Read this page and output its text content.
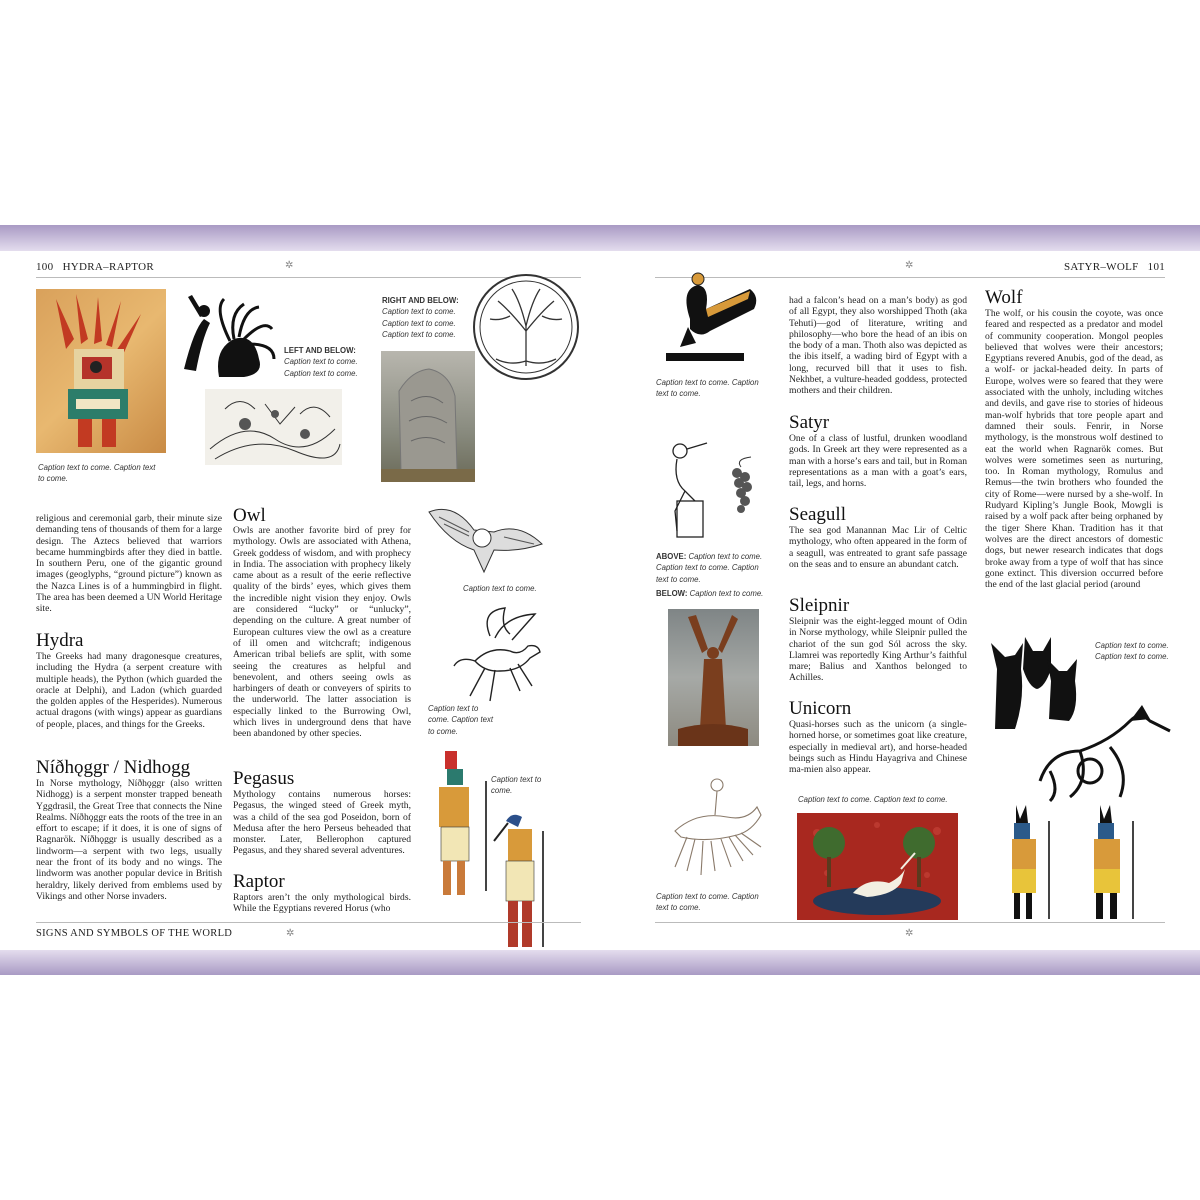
100 HYDRA–RAPTOR	✲
Caption text to come. Caption text to come.
LEFT AND BELOW: Caption text to come. Caption text to come.
RIGHT AND BELOW: Caption text to come. Caption text to come. Caption text to come.
religious and ceremonial garb, their minute size demanding tens of thousands of them for a large design. The Aztecs believed that warriors became hummingbirds after they died in battle. In southern Peru, one of the gigantic ground images (geoglyphs, “ground picture”) known as the Nazca Lines is of a hummingbird in flight. The area has been deemed a UN World Heritage site.
Hydra
The Greeks had many dragonesque creatures, including the Hydra (a serpent creature with multiple heads), the Python (which guarded the oracle at Delphi), and Ladon (which guarded the golden apples of the Hesperides). Numerous actual dragons (with wings) appear as guardians of people, places, and things for the Greeks.
Níðhǫggr / Nidhogg
In Norse mythology, Níðhǫggr (also written Nidhogg) is a serpent monster trapped beneath Yggdrasil, the Great Tree that connects the Nine Realms. Níðhǫggr eats the roots of the tree in an effort to escape; if it does, it is one of signs of Ragnarök. Níðhǫggr is usually described as a lindworm—a serpent with two legs, usually near the front of its body and no wings. The lindworm was another popular device in British heraldry, likely derived from emblems used by Vikings and other Norse invaders.
Owl
Owls are another favorite bird of prey for mythology. Owls are associated with Athena, Greek goddess of wisdom, and with prophecy in India. The association with prophecy likely came about as a result of the eerie reflective quality of the birds’ eyes, which gives them the incredible night vision they enjoy. Owls are considered “lucky” or “unlucky”, depending on the culture. A great number of European cultures view the owl as a creature of ill omen and witchcraft; indigenous American tribal beliefs are split, with some seeing the creatures as helpful and benevolent, and others seeing owls as harbingers of death or conveyers of spirits to the underworld. The latter association is especially linked to the Burrowing Owl, which lives in underground dens that have been abandoned by other species.
Pegasus
Mythology contains numerous horses: Pegasus, the winged steed of Greek myth, was a child of the sea god Poseidon, born of Medusa after the hero Perseus beheaded that monster. Later, Bellerophon captured Pegasus, and they shared several adventures.
Raptor
Raptors aren’t the only mythological birds. While the Egyptians revered Horus (who
Caption text to come.
Caption text to come. Caption text to come.
Caption text to come.
SIGNS AND SYMBOLS OF THE WORLD	✲
✲	SATYR–WOLF 101
Caption text to come. Caption text to come.
ABOVE: Caption text to come. Caption text to come. Caption text to come.
BELOW: Caption text to come.
Caption text to come. Caption text to come.
had a falcon’s head on a man’s body) as god of all Egypt, they also worshipped Thoth (aka Tehuti)—god of literature, writing and philosophy—who bore the head of an ibis on the body of a man. Thoth also was depicted as the ibis itself, a wading bird of Egypt with a long, recurved bill that it uses to fish. Nekhbet, a vulture-headed goddess, protected mothers and their children.
Satyr
One of a class of lustful, drunken woodland gods. In Greek art they were represented as a man with a horse’s ears and tail, but in Roman representations as a man with a goat’s ears, tail, legs, and horns.
Seagull
The sea god Manannan Mac Lir of Celtic mythology, who often appeared in the form of a seagull, was entreated to grant safe passage on the seas and to ensure an abundant catch.
Sleipnir
Sleipnir was the eight-legged mount of Odin in Norse mythology, while Sleipnir pulled the chariot of the sun god Sól across the sky. Llamrei was reportedly King Arthur’s faithful mare; Balius and Xanthos belonged to Achilles.
Unicorn
Quasi-horses such as the unicorn (a single-horned horse, or sometimes goat like creature, especially in medieval art), and horse-headed beings such as Hindu Hayagriva and Chinese ma-mien also appear.
Caption text to come. Caption text to come.
Wolf
The wolf, or his cousin the coyote, was once feared and respected as a predator and model of community cooperation. Mongol peoples believed that wolves were their ancestors; Egyptians revered Anubis, god of the dead, as a wolf- or jackal-headed deity. In parts of Europe, wolves were so feared that they were associated with the unholy, including witches and devils, and gave rise to stories of hideous man-wolf hybrids that tore people apart and damned their souls. Fenrir, in Norse mythology, is the monstrous wolf destined to eat the world when Ragnarök comes. But wolves were sometimes seen as nurturing, too. In Roman mythology, Romulus and Remus—the twin brothers who founded the city of Rome—were nursed by a she-wolf. In Rudyard Kipling’s Jungle Book, Mowgli is raised by a wolf pack after being orphaned by the tiger Shere Khan. Tradition has it that wolves are the direct ancestors of domestic dogs, but newer research indicates that dogs broke away from a type of wolf that has since gone extinct. This diversion occurred before the end of the last glacial period (around
Caption text to come. Caption text to come.
✲
